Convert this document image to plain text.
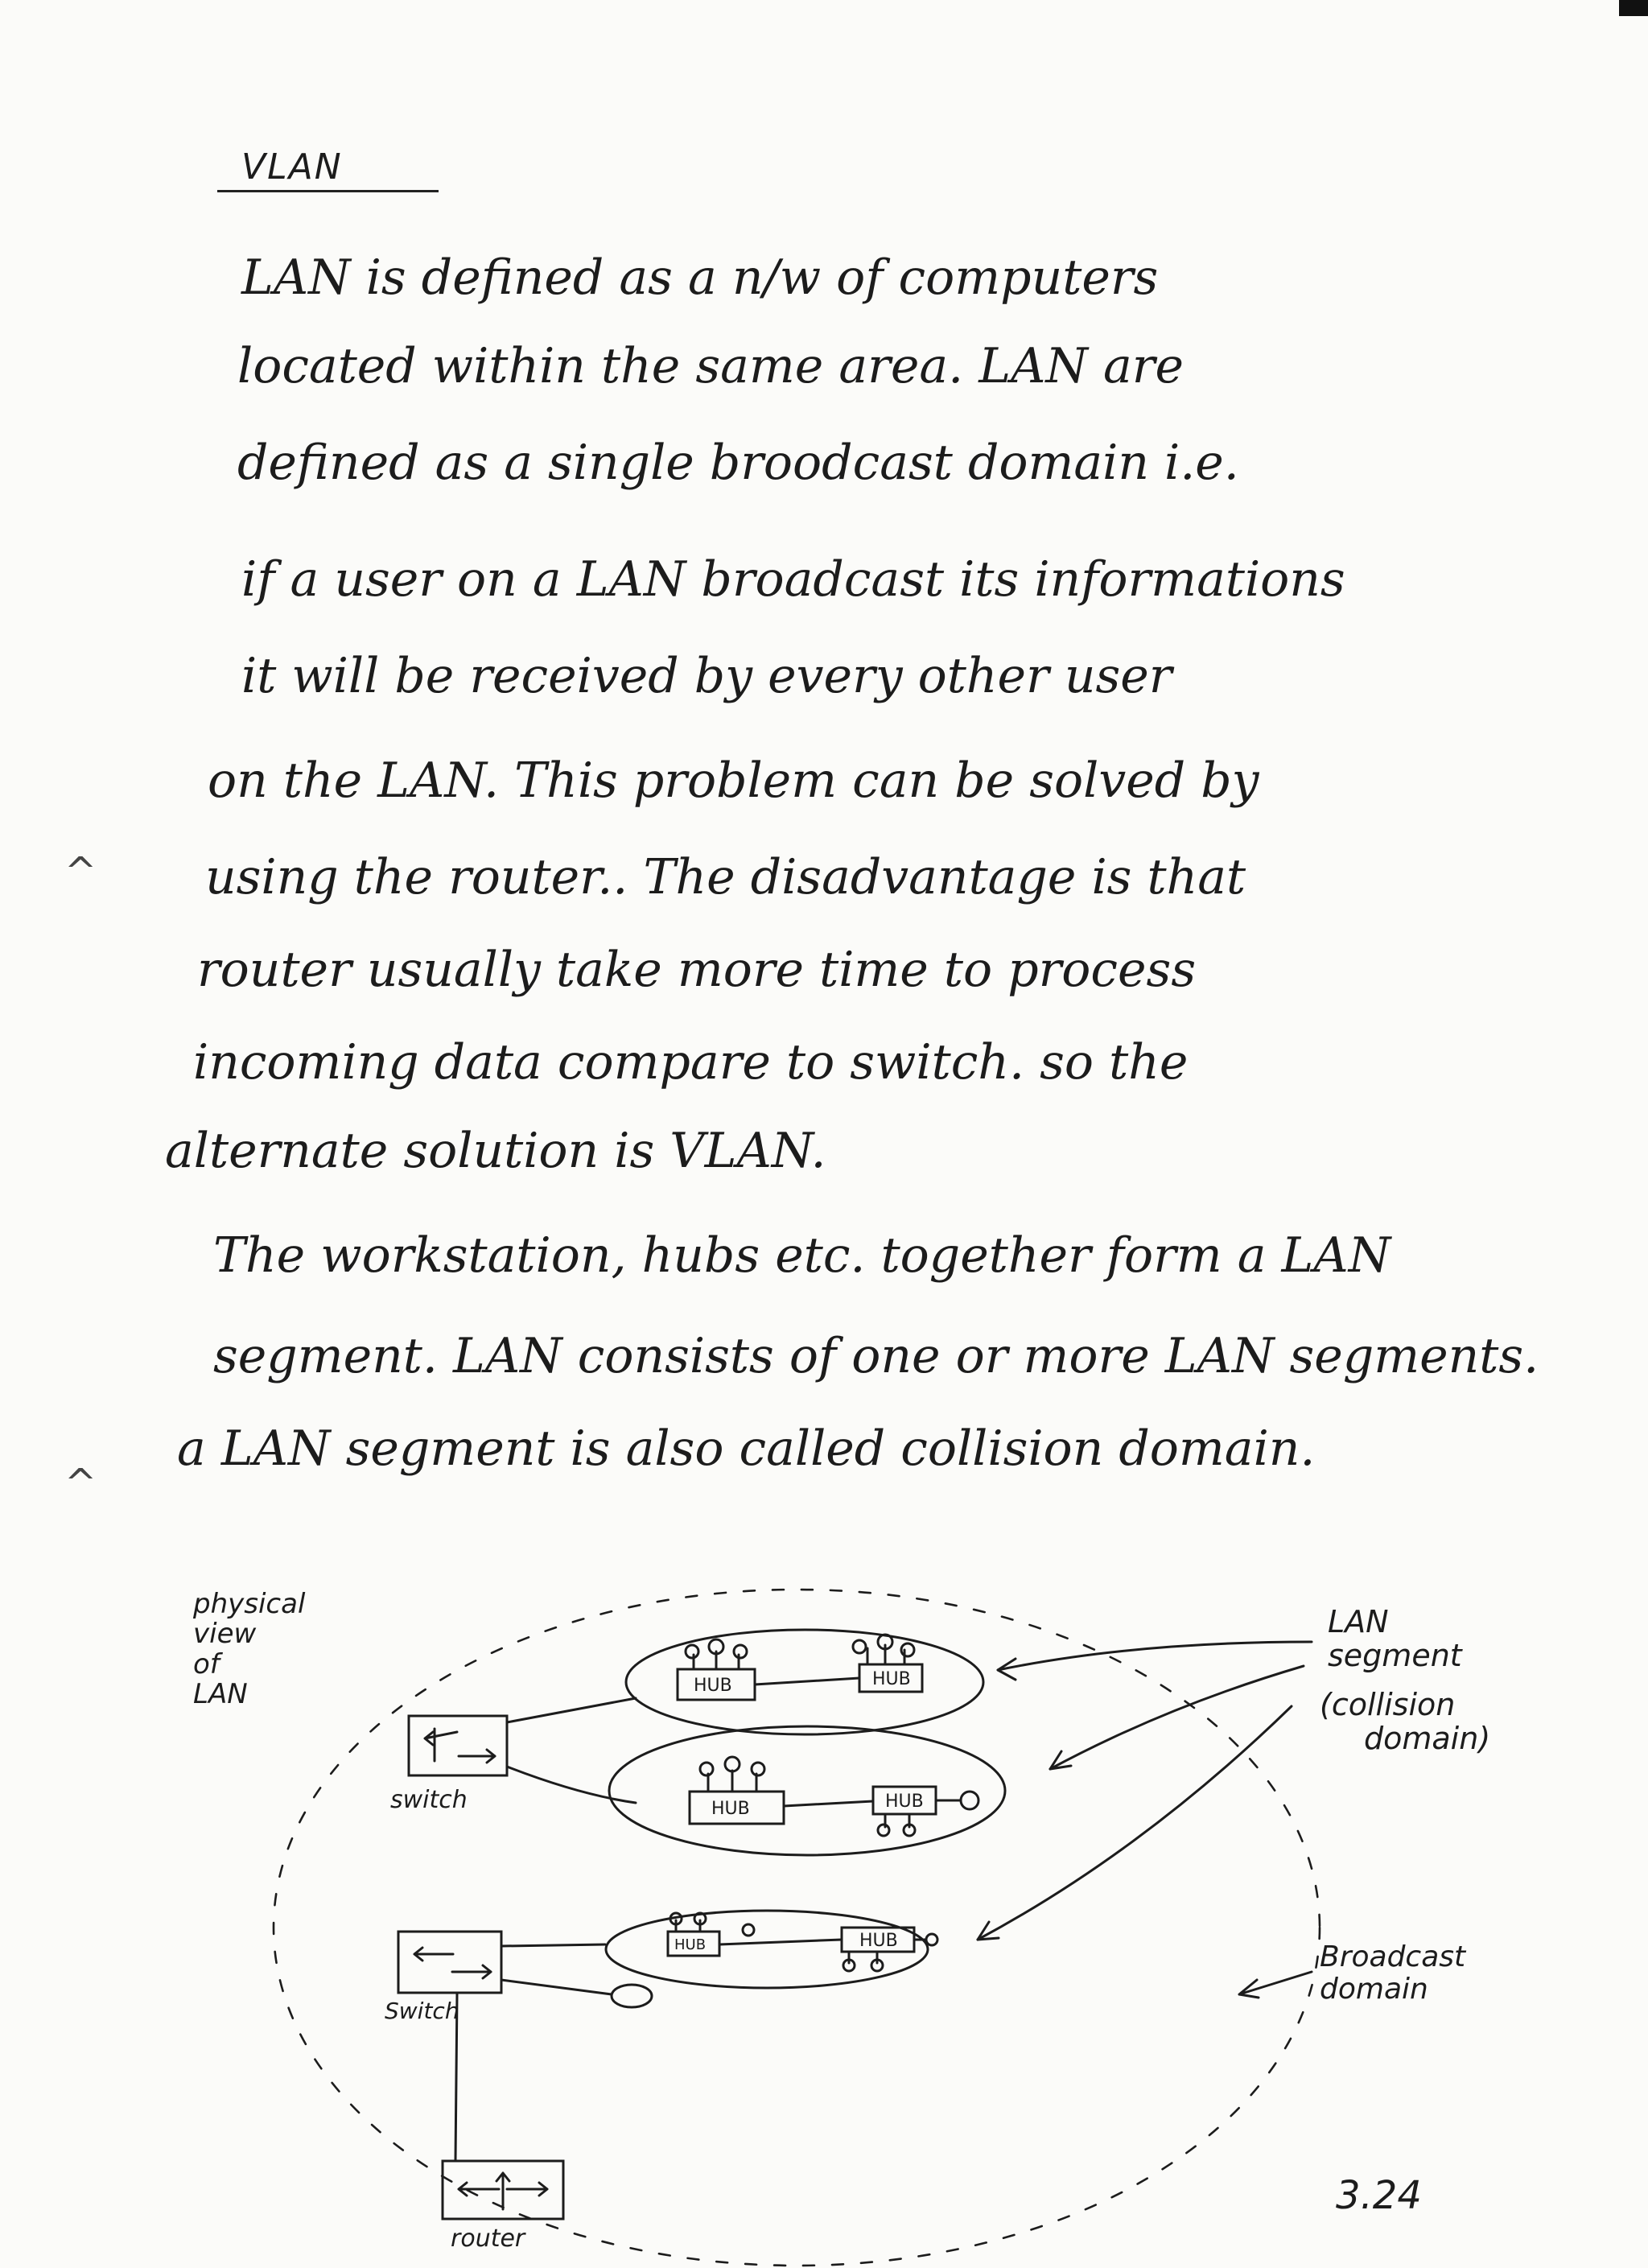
VLAN
LAN is defined as a n/w of computers
located within the same area. LAN are
defined as a single broodcast domain i.e.
if a user on a LAN broadcast its informations
it will be received by every other user
on the LAN. This problem can be solved by
using the router.. The disadvantage is that
router usually take more time to process
incoming data compare to switch. so the
alternate solution is VLAN.
The workstation, hubs etc. together form a LAN
segment. LAN consists of one or more LAN segments.
a LAN segment is also called collision domain.
^
^
HUB	HUB
HUB	HUB
HUB	HUB
physical
view
of
LAN
LAN
segment
(collision
domain)
Broadcast
domain
switch
Switch
router
3.24
